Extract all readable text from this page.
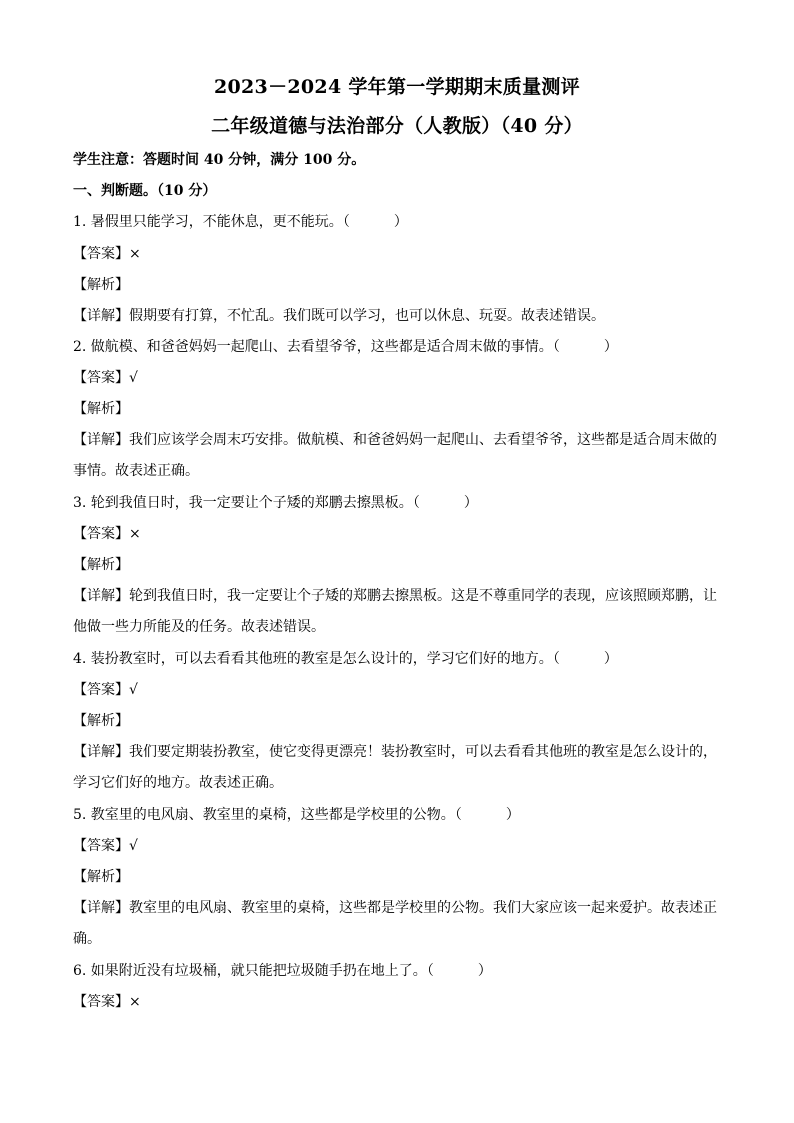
2023－2024 学年第一学期期末质量测评
二年级道德与法治部分（人教版）（40 分）
学生注意：答题时间 40 分钟，满分 100 分。
一、判断题。（10 分）
1. 暑假里只能学习，不能休息，更不能玩。（	）
【答案】×
【解析】
【详解】假期要有打算，不忙乱。我们既可以学习，也可以休息、玩耍。故表述错误。
2. 做航模、和爸爸妈妈一起爬山、去看望爷爷，这些都是适合周末做的事情。（	）
【答案】√
【解析】
【详解】我们应该学会周末巧安排。做航模、和爸爸妈妈一起爬山、去看望爷爷，这些都是适合周末做的
事情。故表述正确。
3. 轮到我值日时，我一定要让个子矮的郑鹏去擦黑板。（	）
【答案】×
【解析】
【详解】轮到我值日时，我一定要让个子矮的郑鹏去擦黑板。这是不尊重同学的表现，应该照顾郑鹏，让
他做一些力所能及的任务。故表述错误。
4. 装扮教室时，可以去看看其他班的教室是怎么设计的，学习它们好的地方。（	）
【答案】√
【解析】
【详解】我们要定期装扮教室，使它变得更漂亮！装扮教室时，可以去看看其他班的教室是怎么设计的，
学习它们好的地方。故表述正确。
5. 教室里的电风扇、教室里的桌椅，这些都是学校里的公物。（	）
【答案】√
【解析】
【详解】教室里的电风扇、教室里的桌椅，这些都是学校里的公物。我们大家应该一起来爱护。故表述正
确。
6. 如果附近没有垃圾桶，就只能把垃圾随手扔在地上了。（	）
【答案】×
